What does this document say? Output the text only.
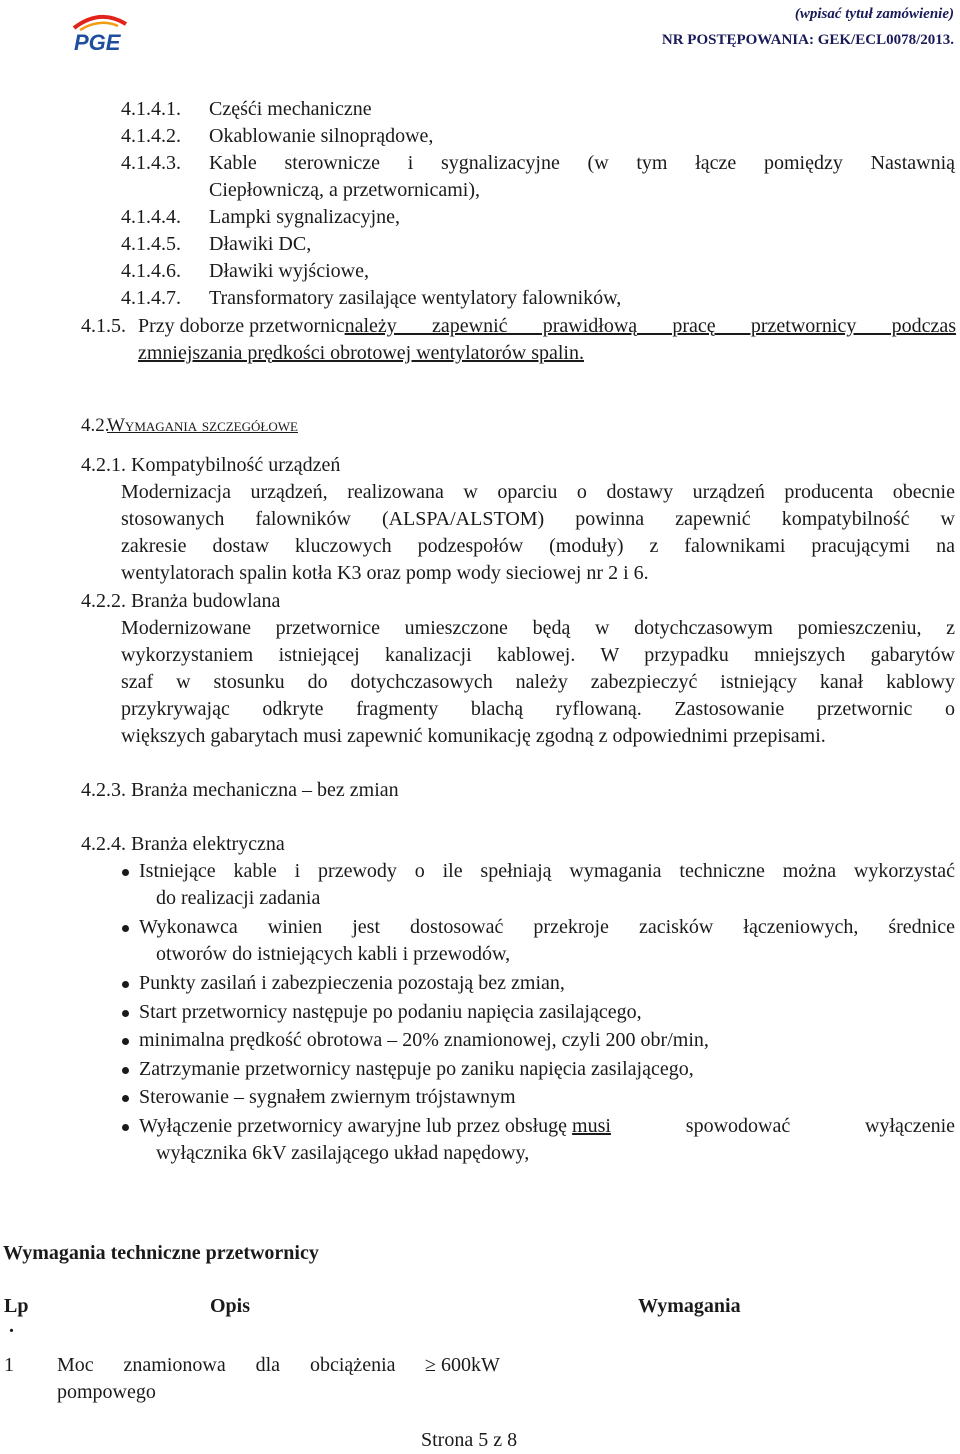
PGE
(wpisać tytuł zamówienie)
NR POSTĘPOWANIA: GEK/ECL0078/2013.
4.1.4.1. Częśći mechaniczne
4.1.4.2. Okablowanie silnoprądowe,
4.1.4.3. Kable sterownicze i sygnalizacyjne (w tym łącze pomiędzy Nastawnią
Ciepłowniczą, a przetwornicami),
4.1.4.4. Lampki sygnalizacyjne,
4.1.4.5. Dławiki DC,
4.1.4.6. Dławiki wyjściowe,
4.1.4.7. Transformatory zasilające wentylatory falowników,
4.1.5. Przy doborze przetwornic należy zapewnić prawidłową pracę przetwornicy podczas
zmniejszania prędkości obrotowej wentylatorów spalin.
4.2.
Wymagania szczegółowe
4.2.1. Kompatybilność urządzeń
Modernizacja urządzeń, realizowana w oparciu o dostawy urządzeń producenta obecnie
stosowanych falowników (ALSPA/ALSTOM) powinna zapewnić kompatybilność w
zakresie dostaw kluczowych podzespołów (moduły) z falownikami pracującymi na
wentylatorach spalin kotła K3 oraz pomp wody sieciowej nr 2 i 6.
4.2.2. Branża budowlana
Modernizowane przetwornice umieszczone będą w dotychczasowym pomieszczeniu, z
wykorzystaniem istniejącej kanalizacji kablowej. W przypadku mniejszych gabarytów
szaf w stosunku do dotychczasowych należy zabezpieczyć istniejący kanał kablowy
przykrywając odkryte fragmenty blachą ryflowaną. Zastosowanie przetwornic o
większych gabarytach musi zapewnić komunikację zgodną z odpowiednimi przepisami.
4.2.3. Branża mechaniczna – bez zmian
4.2.4. Branża elektryczna
Istniejące kable i przewody o ile spełniają wymagania techniczne można wykorzystać
do realizacji zadania
Wykonawca winien jest dostosować przekroje zacisków łączeniowych, średnice
otworów do istniejących kabli i przewodów,
Punkty zasilań i zabezpieczenia pozostają bez zmian,
Start przetwornicy następuje po podaniu napięcia zasilającego,
minimalna prędkość obrotowa – 20% znamionowej, czyli 200 obr/min,
Zatrzymanie przetwornicy następuje po zaniku napięcia zasilającego,
Sterowanie – sygnałem zwiernym trójstawnym
Wyłączenie przetwornicy awaryjne lub przez obsługę musi spowodować wyłączenie
wyłącznika 6kV zasilającego układ napędowy,
Wymagania techniczne przetwornicy
Lp
.
Opis	Wymagania
1 Moc znamionowa dla obciążenia
pompowego
≥ 600kW
Strona 5 z 8
